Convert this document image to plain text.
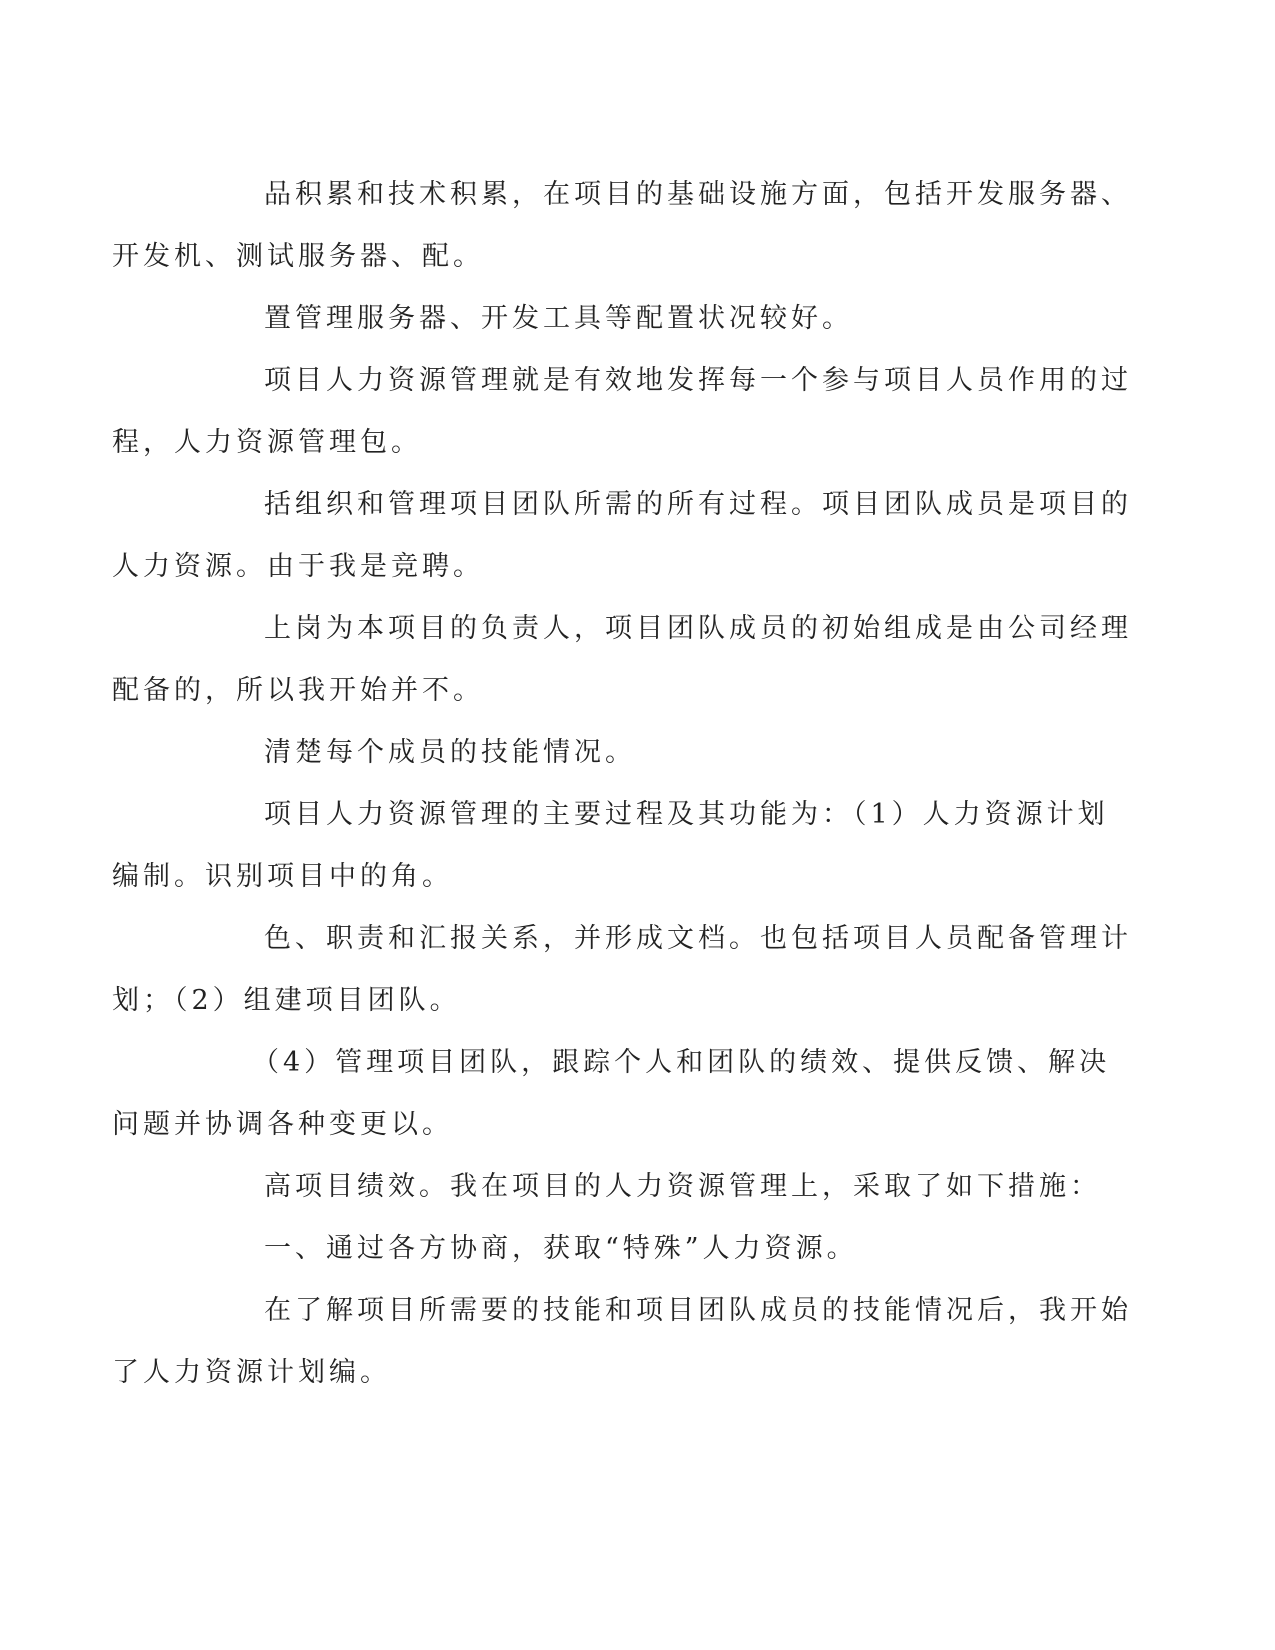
品积累和技术积累，在项目的基础设施方面，包括开发服务器、
开发机、测试服务器、配。

置管理服务器、开发工具等配置状况较好。

项目人力资源管理就是有效地发挥每一个参与项目人员作用的过
程，人力资源管理包。

括组织和管理项目团队所需的所有过程。项目团队成员是项目的
人力资源。由于我是竞聘。

上岗为本项目的负责人，项目团队成员的初始组成是由公司经理
配备的，所以我开始并不。

清楚每个成员的技能情况。

项目人力资源管理的主要过程及其功能为：（1）人力资源计划
编制。识别项目中的角。

色、职责和汇报关系，并形成文档。也包括项目人员配备管理计
划；（2）组建项目团队。

（4）管理项目团队，跟踪个人和团队的绩效、提供反馈、解决
问题并协调各种变更以。

高项目绩效。我在项目的人力资源管理上，采取了如下措施：

一、通过各方协商，获取“特殊”人力资源。

在了解项目所需要的技能和项目团队成员的技能情况后，我开始
了人力资源计划编。
